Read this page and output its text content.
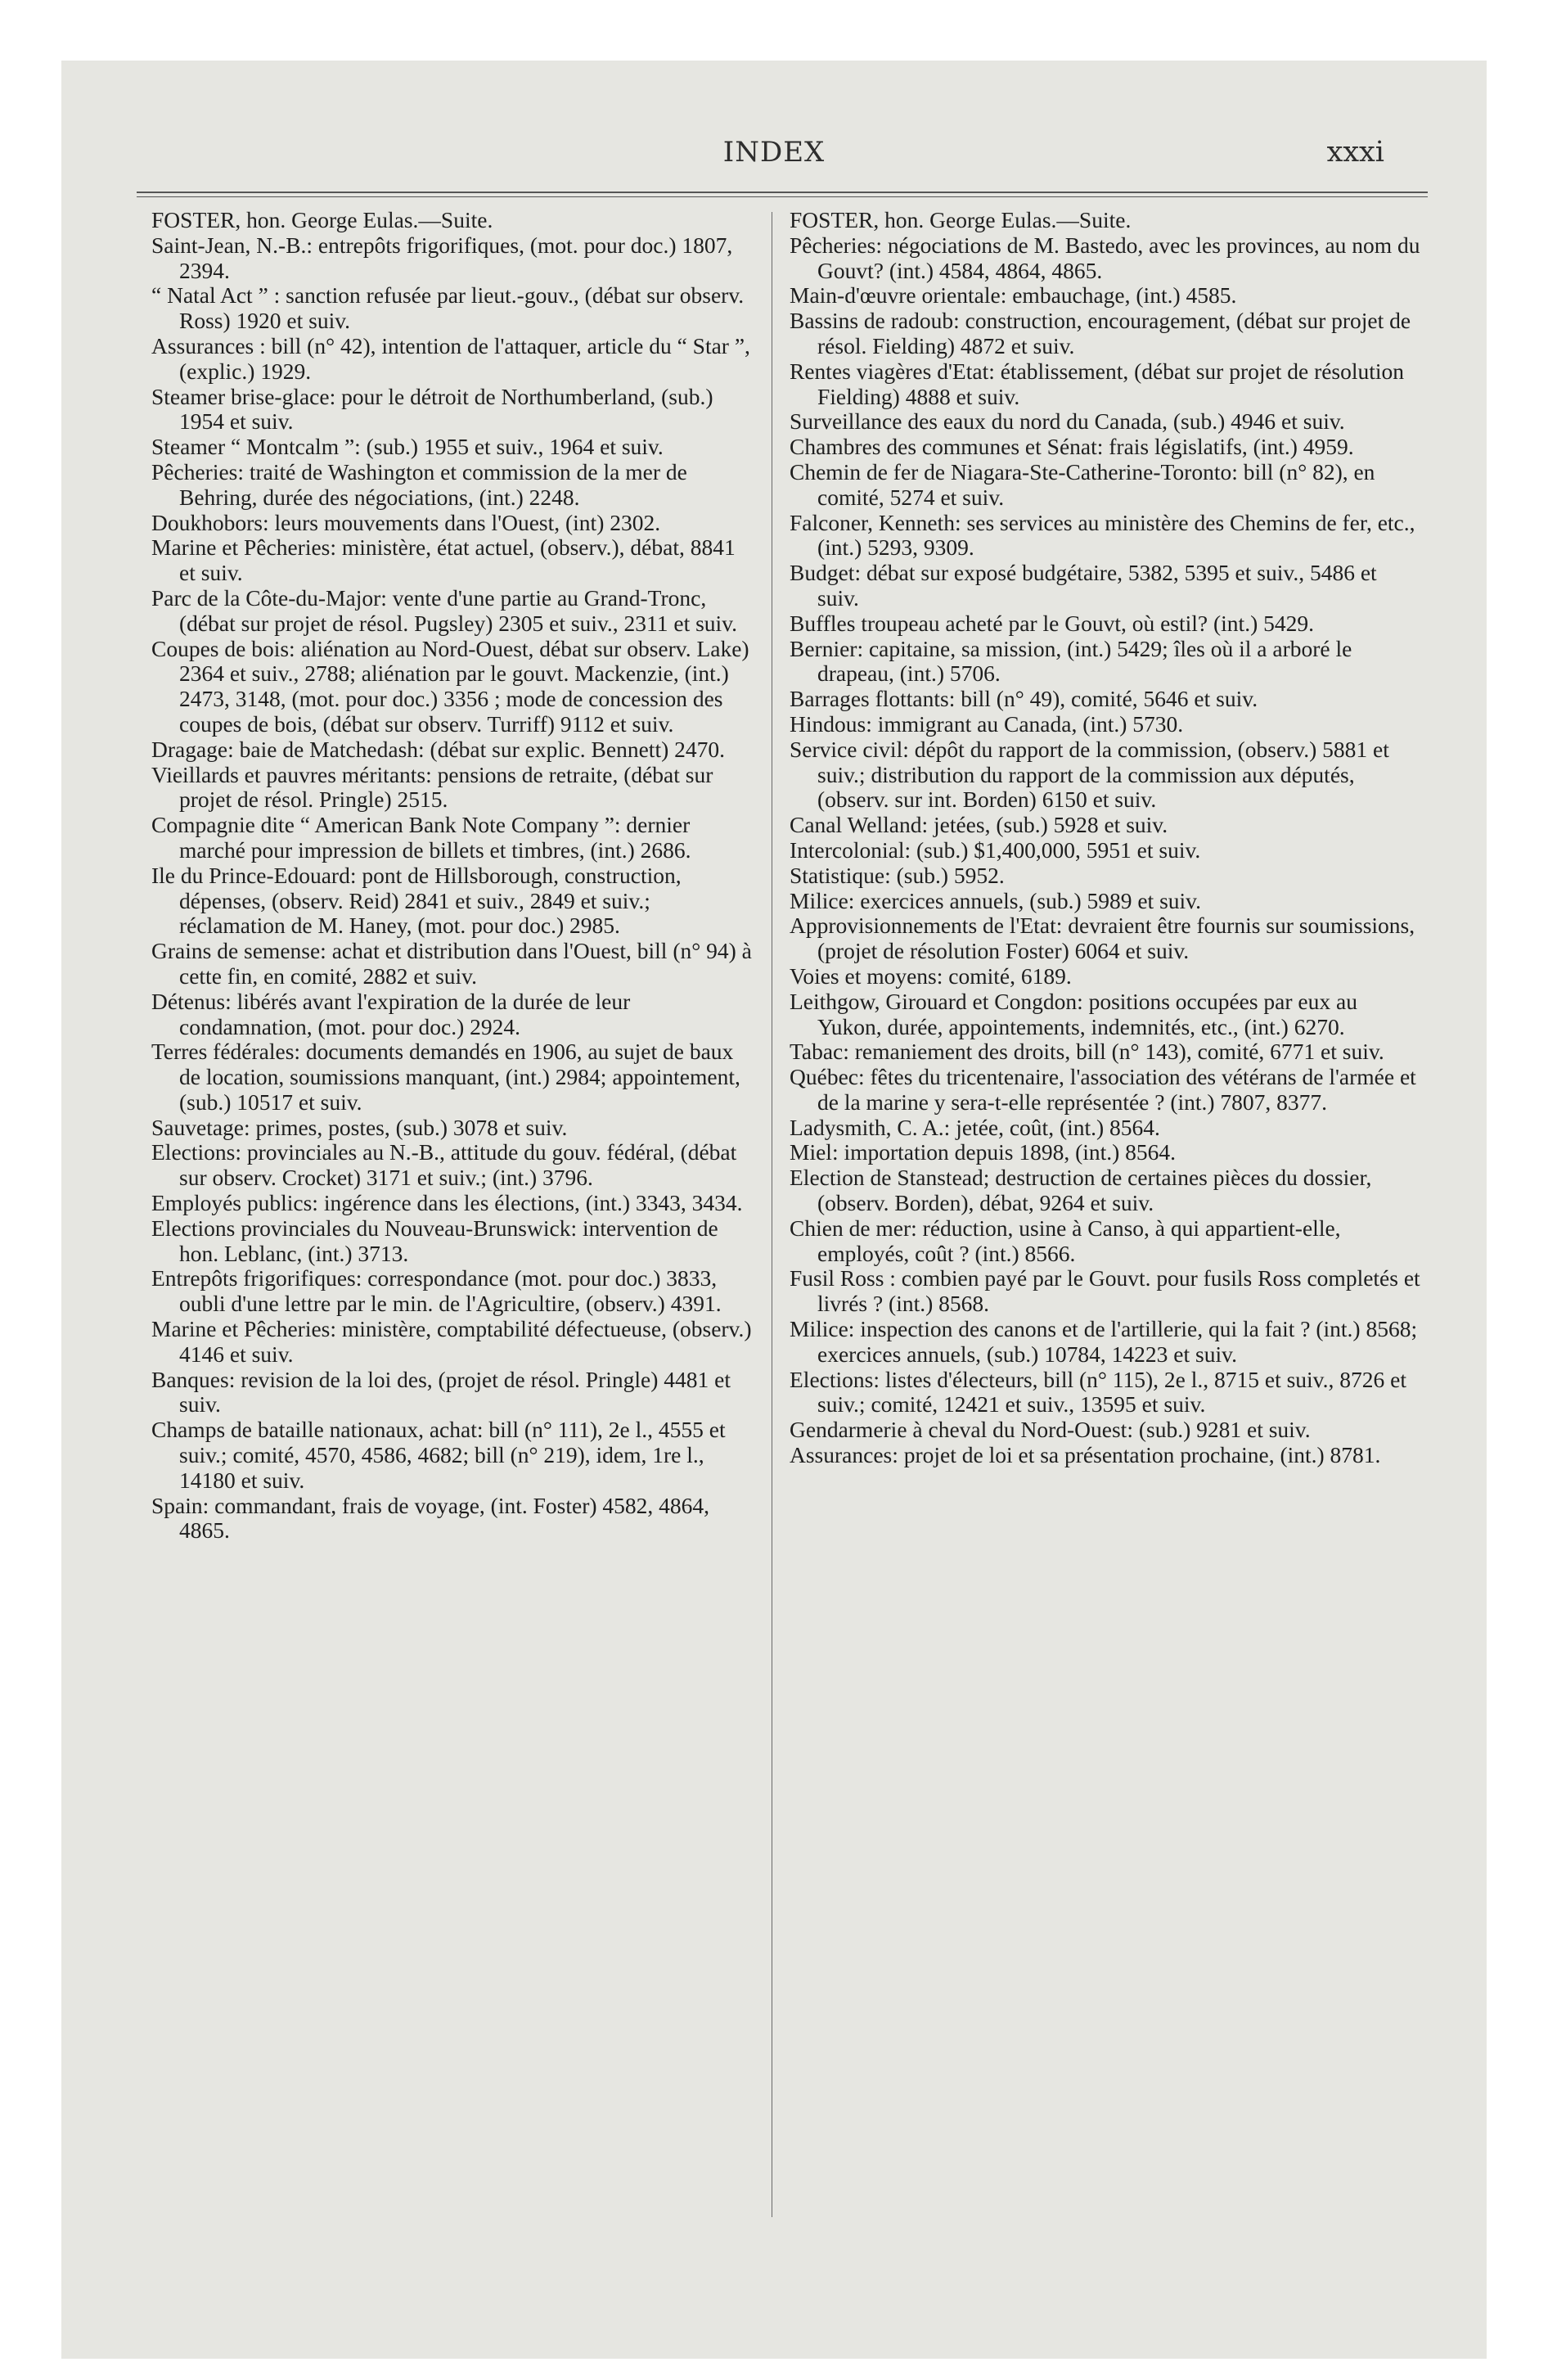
INDEX	xxxi

FOSTER, hon. George Eulas.—Suite.

Saint-Jean, N.-B.: entrepôts frigorifiques, (mot. pour doc.) 1807, 2394.

“ Natal Act ” : sanction refusée par lieut.-gouv., (débat sur observ. Ross) 1920 et suiv.

Assurances : bill (n° 42), intention de l'attaquer, article du “ Star ”, (explic.) 1929.

Steamer brise-glace: pour le détroit de Northumberland, (sub.) 1954 et suiv.

Steamer “ Montcalm ”: (sub.) 1955 et suiv., 1964 et suiv.

Pêcheries: traité de Washington et commission de la mer de Behring, durée des négociations, (int.) 2248.

Doukhobors: leurs mouvements dans l'Ouest, (int) 2302.

Marine et Pêcheries: ministère, état actuel, (observ.), débat, 8841 et suiv.

Parc de la Côte-du-Major: vente d'une partie au Grand-Tronc, (débat sur projet de résol. Pugsley) 2305 et suiv., 2311 et suiv.

Coupes de bois: aliénation au Nord-Ouest, débat sur observ. Lake) 2364 et suiv., 2788; aliénation par le gouvt. Mackenzie, (int.) 2473, 3148, (mot. pour doc.) 3356 ; mode de concession des coupes de bois, (débat sur observ. Turriff) 9112 et suiv.

Dragage: baie de Matchedash: (débat sur explic. Bennett) 2470.

Vieillards et pauvres méritants: pensions de retraite, (débat sur projet de résol. Pringle) 2515.

Compagnie dite “ American Bank Note Company ”: dernier marché pour impression de billets et timbres, (int.) 2686.

Ile du Prince-Edouard: pont de Hillsborough, construction, dépenses, (observ. Reid) 2841 et suiv., 2849 et suiv.; réclamation de M. Haney, (mot. pour doc.) 2985.

Grains de semense: achat et distribution dans l'Ouest, bill (n° 94) à cette fin, en comité, 2882 et suiv.

Détenus: libérés avant l'expiration de la durée de leur condamnation, (mot. pour doc.) 2924.

Terres fédérales: documents demandés en 1906, au sujet de baux de location, soumissions manquant, (int.) 2984; appointement, (sub.) 10517 et suiv.

Sauvetage: primes, postes, (sub.) 3078 et suiv.

Elections: provinciales au N.-B., attitude du gouv. fédéral, (débat sur observ. Crocket) 3171 et suiv.; (int.) 3796.

Employés publics: ingérence dans les élections, (int.) 3343, 3434.

Elections provinciales du Nouveau-Brunswick: intervention de hon. Leblanc, (int.) 3713.

Entrepôts frigorifiques: correspondance (mot. pour doc.) 3833, oubli d'une lettre par le min. de l'Agricultire, (observ.) 4391.

Marine et Pêcheries: ministère, comptabilité défectueuse, (observ.) 4146 et suiv.

Banques: revision de la loi des, (projet de résol. Pringle) 4481 et suiv.

Champs de bataille nationaux, achat: bill (n° 111), 2e l., 4555 et suiv.; comité, 4570, 4586, 4682; bill (n° 219), idem, 1re l., 14180 et suiv.

Spain: commandant, frais de voyage, (int. Foster) 4582, 4864, 4865.

FOSTER, hon. George Eulas.—Suite.

Pêcheries: négociations de M. Bastedo, avec les provinces, au nom du Gouvt? (int.) 4584, 4864, 4865.

Main-d'œuvre orientale: embauchage, (int.) 4585.

Bassins de radoub: construction, encouragement, (débat sur projet de résol. Fielding) 4872 et suiv.

Rentes viagères d'Etat: établissement, (débat sur projet de résolution Fielding) 4888 et suiv.

Surveillance des eaux du nord du Canada, (sub.) 4946 et suiv.

Chambres des communes et Sénat: frais législatifs, (int.) 4959.

Chemin de fer de Niagara-Ste-Catherine-Toronto: bill (n° 82), en comité, 5274 et suiv.

Falconer, Kenneth: ses services au ministère des Chemins de fer, etc., (int.) 5293, 9309.

Budget: débat sur exposé budgétaire, 5382, 5395 et suiv., 5486 et suiv.

Buffles troupeau acheté par le Gouvt, où estil? (int.) 5429.

Bernier: capitaine, sa mission, (int.) 5429; îles où il a arboré le drapeau, (int.) 5706.

Barrages flottants: bill (n° 49), comité, 5646 et suiv.

Hindous: immigrant au Canada, (int.) 5730.

Service civil: dépôt du rapport de la commission, (observ.) 5881 et suiv.; distribution du rapport de la commission aux députés, (observ. sur int. Borden) 6150 et suiv.

Canal Welland: jetées, (sub.) 5928 et suiv.

Intercolonial: (sub.) $1,400,000, 5951 et suiv.

Statistique: (sub.) 5952.

Milice: exercices annuels, (sub.) 5989 et suiv.

Approvisionnements de l'Etat: devraient être fournis sur soumissions, (projet de résolution Foster) 6064 et suiv.

Voies et moyens: comité, 6189.

Leithgow, Girouard et Congdon: positions occupées par eux au Yukon, durée, appointements, indemnités, etc., (int.) 6270.

Tabac: remaniement des droits, bill (n° 143), comité, 6771 et suiv.

Québec: fêtes du tricentenaire, l'association des vétérans de l'armée et de la marine y sera-t-elle représentée ? (int.) 7807, 8377.

Ladysmith, C. A.: jetée, coût, (int.) 8564.

Miel: importation depuis 1898, (int.) 8564.

Election de Stanstead; destruction de certaines pièces du dossier, (observ. Borden), débat, 9264 et suiv.

Chien de mer: réduction, usine à Canso, à qui appartient-elle, employés, coût ? (int.) 8566.

Fusil Ross : combien payé par le Gouvt. pour fusils Ross completés et livrés ? (int.) 8568.

Milice: inspection des canons et de l'artillerie, qui la fait ? (int.) 8568; exercices annuels, (sub.) 10784, 14223 et suiv.

Elections: listes d'électeurs, bill (n° 115), 2e l., 8715 et suiv., 8726 et suiv.; comité, 12421 et suiv., 13595 et suiv.

Gendarmerie à cheval du Nord-Ouest: (sub.) 9281 et suiv.

Assurances: projet de loi et sa présentation prochaine, (int.) 8781.
